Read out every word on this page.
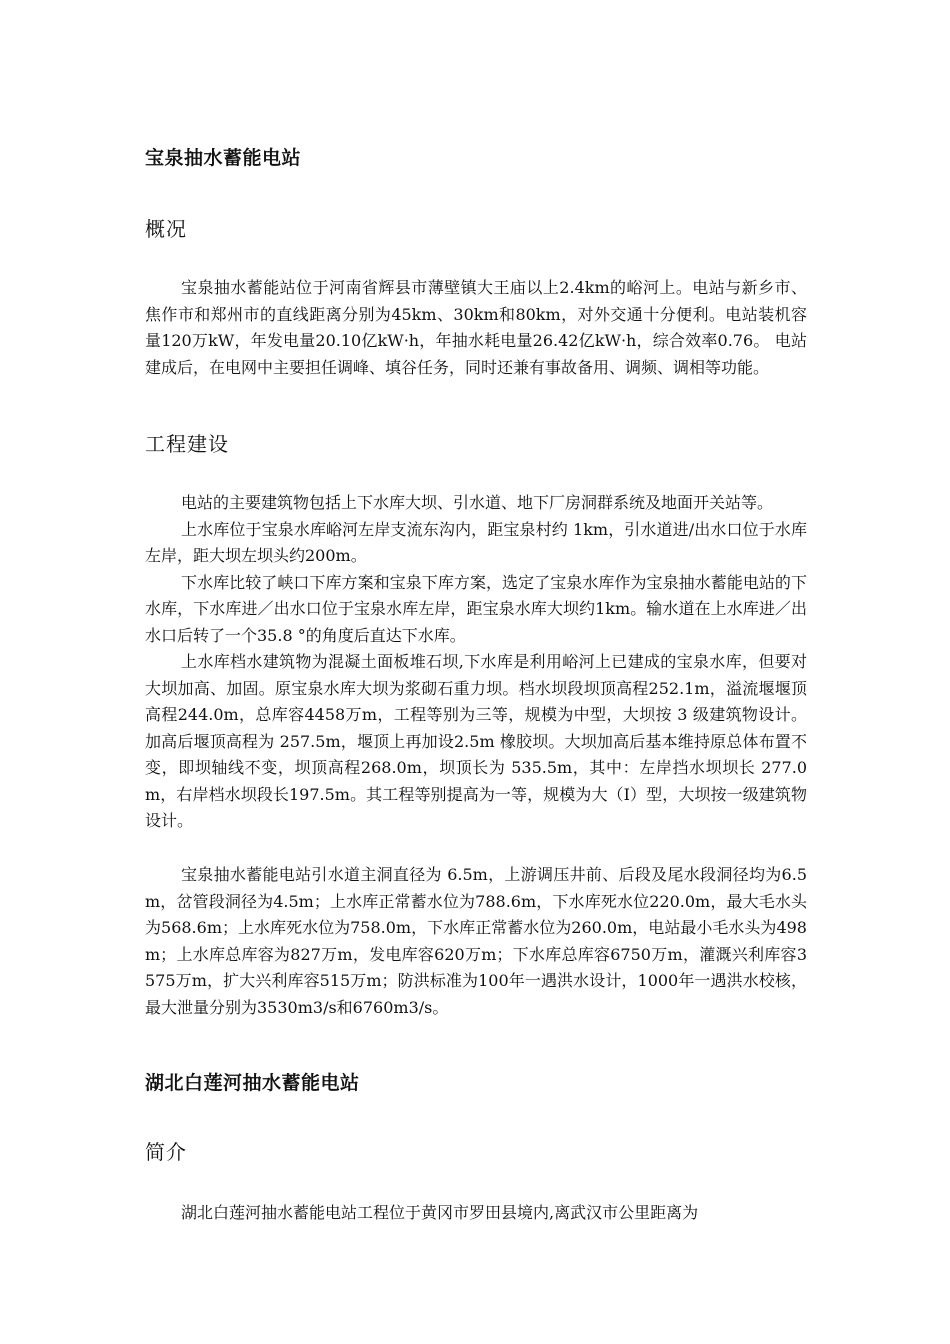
宝泉抽水蓄能电站
概况

宝泉抽水蓄能站位于河南省辉县市薄壁镇大王庙以上2.4km的峪河上。电站与新乡市、焦作市和郑州市的直线距离分别为45km、30km和80km，对外交通十分便利。电站装机容量120万kW，年发电量20.10亿kW·h，年抽水耗电量26.42亿kW·h，综合效率0.76。 电站建成后，在电网中主要担任调峰、填谷任务，同时还兼有事故备用、调频、调相等功能。

工程建设

电站的主要建筑物包括上下水库大坝、引水道、地下厂房洞群系统及地面开关站等。

上水库位于宝泉水库峪河左岸支流东沟内，距宝泉村约 1km，引水道进/出水口位于水库左岸，距大坝左坝头约200m。

下水库比较了峡口下库方案和宝泉下库方案，选定了宝泉水库作为宝泉抽水蓄能电站的下水库，下水库进／出水口位于宝泉水库左岸，距宝泉水库大坝约1km。输水道在上水库进／出水口后转了一个35.8 °的角度后直达下水库。

上水库档水建筑物为混凝土面板堆石坝,下水库是利用峪河上已建成的宝泉水库，但要对大坝加高、加固。原宝泉水库大坝为浆砌石重力坝。档水坝段坝顶高程252.1m，溢流堰堰顶高程244.0m，总库容4458万m，工程等别为三等，规模为中型，大坝按 3 级建筑物设计。加高后堰顶高程为 257.5m，堰顶上再加设2.5m 橡胶坝。大坝加高后基本维持原总体布置不变，即坝轴线不变，坝顶高程268.0m，坝顶长为 535.5m，其中：左岸挡水坝坝长 277.0m，右岸档水坝段长197.5m。其工程等别提高为一等，规模为大（I）型，大坝按一级建筑物设计。

宝泉抽水蓄能电站引水道主洞直径为 6.5m，上游调压井前、后段及尾水段洞径均为6.5m，岔管段洞径为4.5m；上水库正常蓄水位为788.6m，下水库死水位220.0m，最大毛水头为568.6m；上水库死水位为758.0m，下水库正常蓄水位为260.0m，电站最小毛水头为498m；上水库总库容为827万m，发电库容620万m；下水库总库容6750万m，灌溉兴利库容3575万m，扩大兴利库容515万m；防洪标准为100年一遇洪水设计，1000年一遇洪水校核，最大泄量分别为3530m3/s和6760m3/s。

湖北白莲河抽水蓄能电站
简介

湖北白莲河抽水蓄能电站工程位于黄冈市罗田县境内,离武汉市公里距离为
